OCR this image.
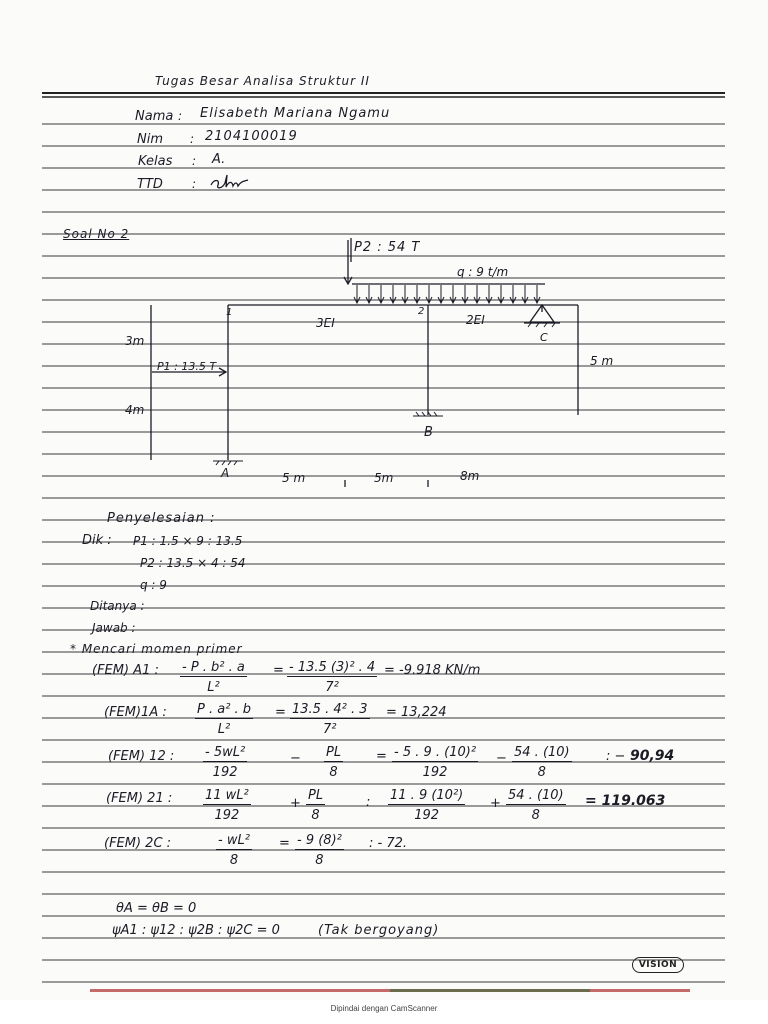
Tugas Besar Analisa Struktur II
Nama : Elisabeth Mariana Ngamu
Nim : 2104100019
Kelas : A.
TTD :
Soal No 2
P2 : 54 T
q : 9 t/m
P1 : 13.5 T
3EI	2EI
1	2
A
B
C
3m
4m
5 m
5 m	5m	8m
Penyelesaian :
Dik : P1 : 1.5 × 9 : 13.5
P2 : 13.5 × 4 : 54
q : 9
Ditanya :
Jawab :
* Mencari momen primer
(FEM) A1 : $\frac{\text{- P . b² . a}}{\text{L²}} = \frac{\text{- 13.5 (3)² . 4}}{\text{7²}} = -9.918$ KN/m
(FEM)1A : $\frac{\text{P . a² . b}}{\text{L²}} = \frac{\text{13.5 . 4² . 3}}{\text{7²}} = 13,224$
(FEM) 12 : $\frac{\text{- 5wL²}}{192}$	− $\frac{PL}{8}$	= $\frac{\text{- 5 . 9 . (10)²}}{192} - \frac{54 . (10)}{8}$	: − 90,94
(FEM) 21 : $\frac{\text{11 wL²}}{192}$	+ $\frac{PL}{8}$	: $\frac{\text{11 . 9 (10²)}}{192} + \frac{54 . (10)}{8} = 119.063$
(FEM) 2C :	$\frac{\text{- wL²}}{8} = \frac{\text{- 9 (8)²}}{8}$ : - 72.
θA = θB = 0
ψA1 : ψ12 : ψ2B : ψ2C = 0	(Tak bergoyang)
VISION
Dipindai dengan CamScanner
